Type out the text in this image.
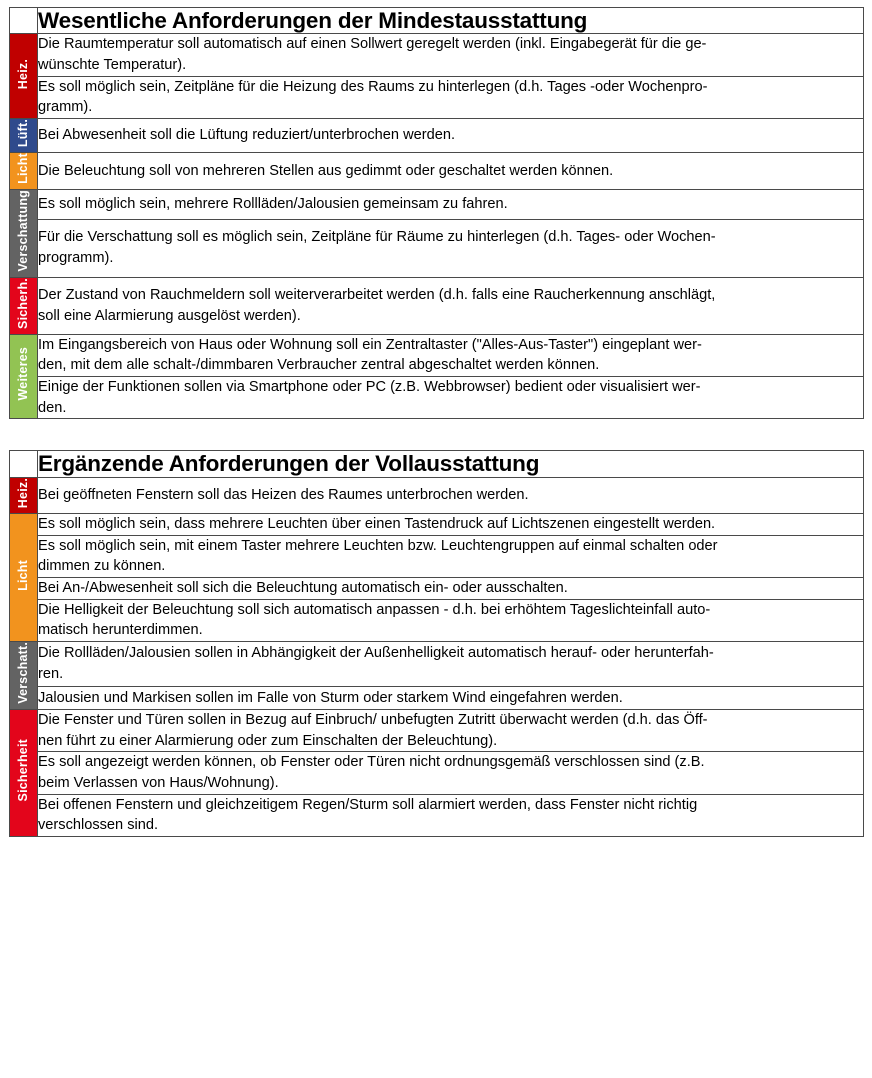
	Wesentliche Anforderungen der Mindestausstattung
Heiz.	Die Raumtemperatur soll automatisch auf einen Sollwert geregelt werden (inkl. Eingabegerät für die ge-
wünschte Temperatur).

	Es soll möglich sein, Zeitpläne für die Heizung des Raums zu hinterlegen (d.h. Tages -oder Wochenpro-
gramm).

Lüft.	Bei Abwesenheit soll die Lüftung reduziert/unterbrochen werden.

Licht	Die Beleuchtung soll von mehreren Stellen aus gedimmt oder geschaltet werden können.

Verschattung	Es soll möglich sein, mehrere Rollläden/Jalousien gemeinsam zu fahren.

	Für die Verschattung soll es möglich sein, Zeitpläne für Räume zu hinterlegen (d.h. Tages- oder Wochen-
programm).

Sicherh.	Der Zustand von Rauchmeldern soll weiterverarbeitet werden (d.h. falls eine Raucherkennung anschlägt,
soll eine Alarmierung ausgelöst werden).

Weiteres	Im Eingangsbereich von Haus oder Wohnung soll ein Zentraltaster ("Alles-Aus-Taster") eingeplant wer-
den, mit dem alle schalt-/dimmbaren Verbraucher zentral abgeschaltet werden können.

	Einige der Funktionen sollen via Smartphone oder PC (z.B. Webbrowser) bedient oder visualisiert wer-
den.
	Ergänzende Anforderungen der Vollausstattung
Heiz.	Bei geöffneten Fenstern soll das Heizen des Raumes unterbrochen werden.

Licht	Es soll möglich sein, dass mehrere Leuchten über einen Tastendruck auf Lichtszenen eingestellt werden.

	Es soll möglich sein, mit einem Taster mehrere Leuchten bzw. Leuchtengruppen auf einmal schalten oder
dimmen zu können.

	Bei An-/Abwesenheit soll sich die Beleuchtung automatisch ein- oder ausschalten.

	Die Helligkeit der Beleuchtung soll sich automatisch anpassen - d.h. bei erhöhtem Tageslichteinfall auto-
matisch herunterdimmen.

Verschatt.	Die Rollläden/Jalousien sollen in Abhängigkeit der Außenhelligkeit automatisch herauf- oder herunterfah-
ren.

	Jalousien und Markisen sollen im Falle von Sturm oder starkem Wind eingefahren werden.

Sicherheit	Die Fenster und Türen sollen in Bezug auf Einbruch/ unbefugten Zutritt überwacht werden (d.h. das Öff-
nen führt zu einer Alarmierung oder zum Einschalten der Beleuchtung).

	Es soll angezeigt werden können, ob Fenster oder Türen nicht ordnungsgemäß verschlossen sind (z.B.
beim Verlassen von Haus/Wohnung).

	Bei offenen Fenstern und gleichzeitigem Regen/Sturm soll alarmiert werden, dass Fenster nicht richtig
verschlossen sind.
